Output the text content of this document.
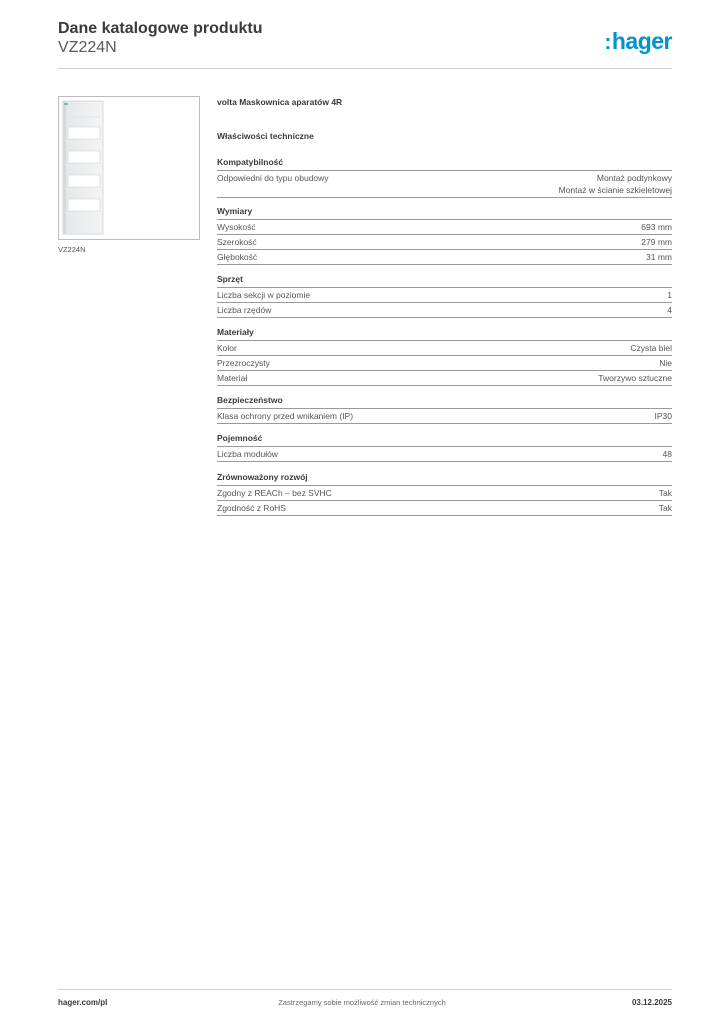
Dane katalogowe produktu
VZ224N	:hager
VZ224N
volta Maskownica aparatów 4R
Właściwości techniczne
Kompatybilność
Odpowiedni do typu obudowy	Montaż podtynkowy
Montaż w ścianie szkieletowej
Wymiary
Wysokość	693 mm
Szerokość	279 mm
Głębokość	31 mm
Sprzęt
Liczba sekcji w poziomie	1
Liczba rzędów	4
Materiały
Kolor	Czysta biel
Przezroczysty	Nie
Materiał	Tworzywo sztuczne
Bezpieczeństwo
Klasa ochrony przed wnikaniem (IP)	IP30
Pojemność
Liczba modułów	48
Zrównoważony rozwój
Zgodny z REACh – bez SVHC	Tak
Zgodność z RoHS	Tak
hager.com/pl	Zastrzegamy sobie możliwość zmian technicznych	03.12.2025
